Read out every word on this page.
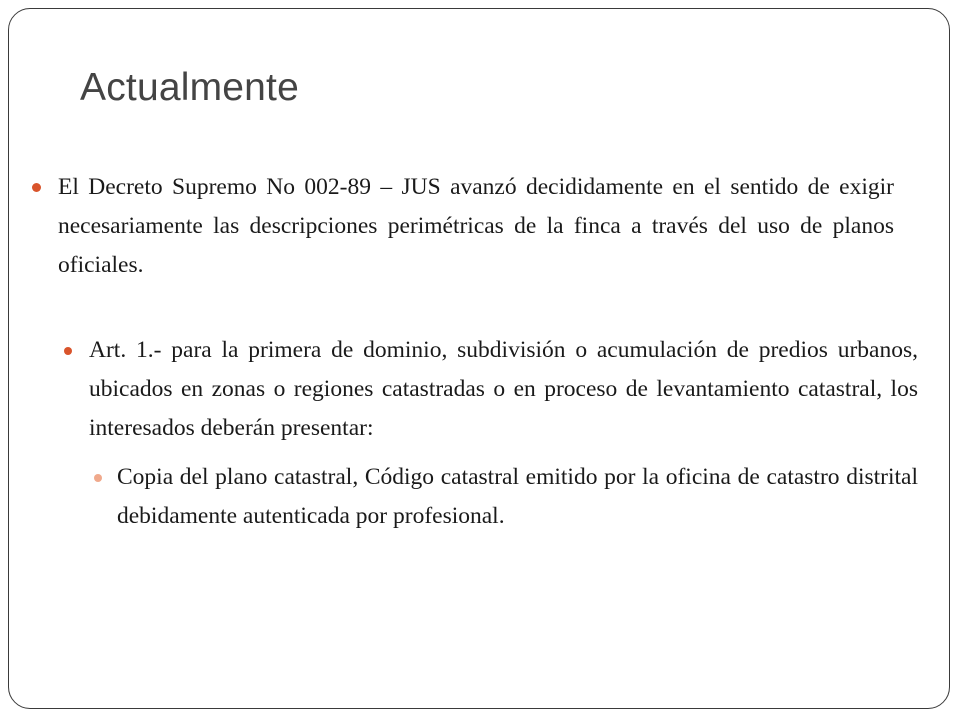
Actualmente
El Decreto Supremo No 002-89 – JUS avanzó decididamente en el sentido de exigir necesariamente las descripciones perimétricas de la finca a través del uso de planos oficiales.
Art. 1.- para la primera de dominio, subdivisión o acumulación de predios urbanos, ubicados en zonas o regiones catastradas o en proceso de levantamiento catastral, los interesados deberán presentar:
Copia del plano catastral, Código catastral emitido por la oficina de catastro distrital debidamente autenticada por profesional.
